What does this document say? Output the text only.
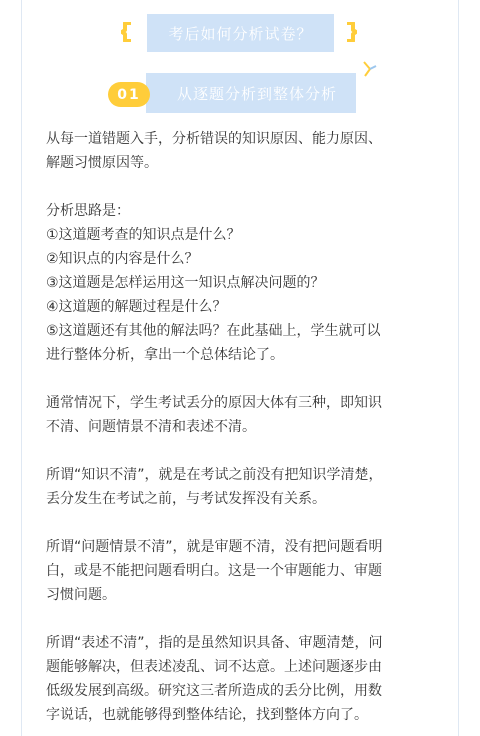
考后如何分析试卷？
从逐题分析到整体分析
01

从每一道错题入手，分析错误的知识原因、能力原因、

解题习惯原因等。

分析思路是：

①这道题考查的知识点是什么？

②知识点的内容是什么？

③这道题是怎样运用这一知识点解决问题的？

④这道题的解题过程是什么？

⑤这道题还有其他的解法吗？在此基础上，学生就可以

进行整体分析，拿出一个总体结论了。

通常情况下，学生考试丢分的原因大体有三种，即知识

不清、问题情景不清和表述不清。

所谓“知识不清”，就是在考试之前没有把知识学清楚，

丢分发生在考试之前，与考试发挥没有关系。

所谓“问题情景不清”，就是审题不清，没有把问题看明

白，或是不能把问题看明白。这是一个审题能力、审题

习惯问题。

所谓“表述不清”，指的是虽然知识具备、审题清楚，问

题能够解决，但表述凌乱、词不达意。上述问题逐步由

低级发展到高级。研究这三者所造成的丢分比例，用数

字说话，也就能够得到整体结论，找到整体方向了。
